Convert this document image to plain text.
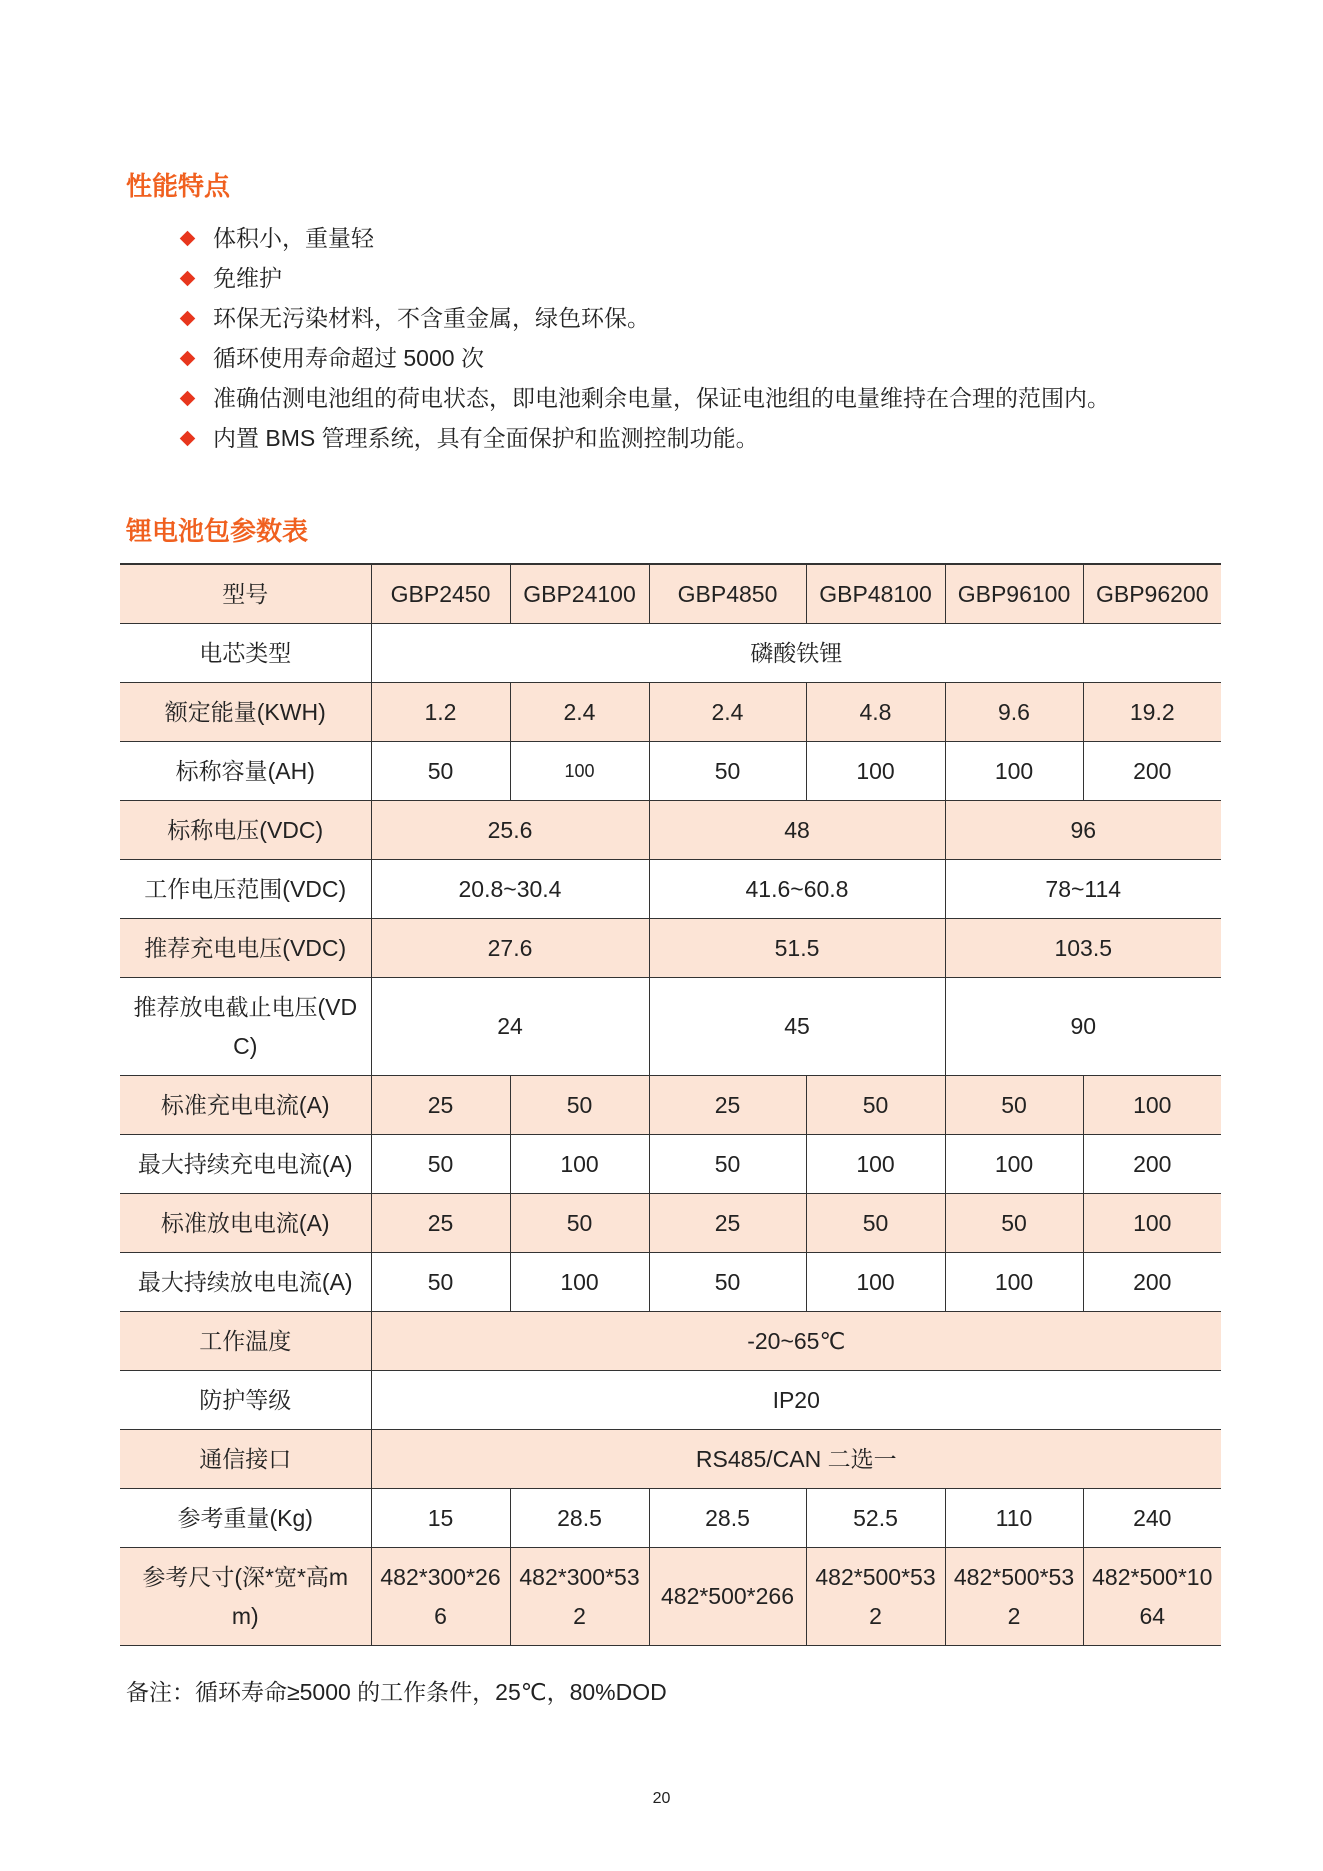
性能特点
体积小，重量轻
免维护
环保无污染材料，不含重金属，绿色环保。
循环使用寿命超过 5000 次
准确估测电池组的荷电状态，即电池剩余电量，保证电池组的电量维持在合理的范围内。
内置 BMS 管理系统，具有全面保护和监测控制功能。
锂电池包参数表
型号	GBP2450	GBP24100	GBP4850	GBP48100	GBP96100	GBP96200
电芯类型	磷酸铁锂					
额定能量(KWH)	1.2	2.4	2.4	4.8	9.6	19.2
标称容量(AH)	50	100	50	100	100	200
标称电压(VDC)	25.6		48		96	
工作电压范围(VDC)	20.8~30.4		41.6~60.8		78~114	
推荐充电电压(VDC)	27.6		51.5		103.5	
推荐放电截止电压(VDC)	24		45		90	
标准充电电流(A)	25	50	25	50	50	100
最大持续充电电流(A)	50	100	50	100	100	200
标准放电电流(A)	25	50	25	50	50	100
最大持续放电电流(A)	50	100	50	100	100	200
工作温度	-20~65℃					
防护等级	IP20					
通信接口	RS485/CAN 二选一					
参考重量(Kg)	15	28.5	28.5	52.5	110	240
参考尺寸(深*宽*高mm)	482*300*266	482*300*532	482*500*266	482*500*532	482*500*532	482*500*1064
备注：循环寿命≥5000 的工作条件，25℃，80%DOD
20
